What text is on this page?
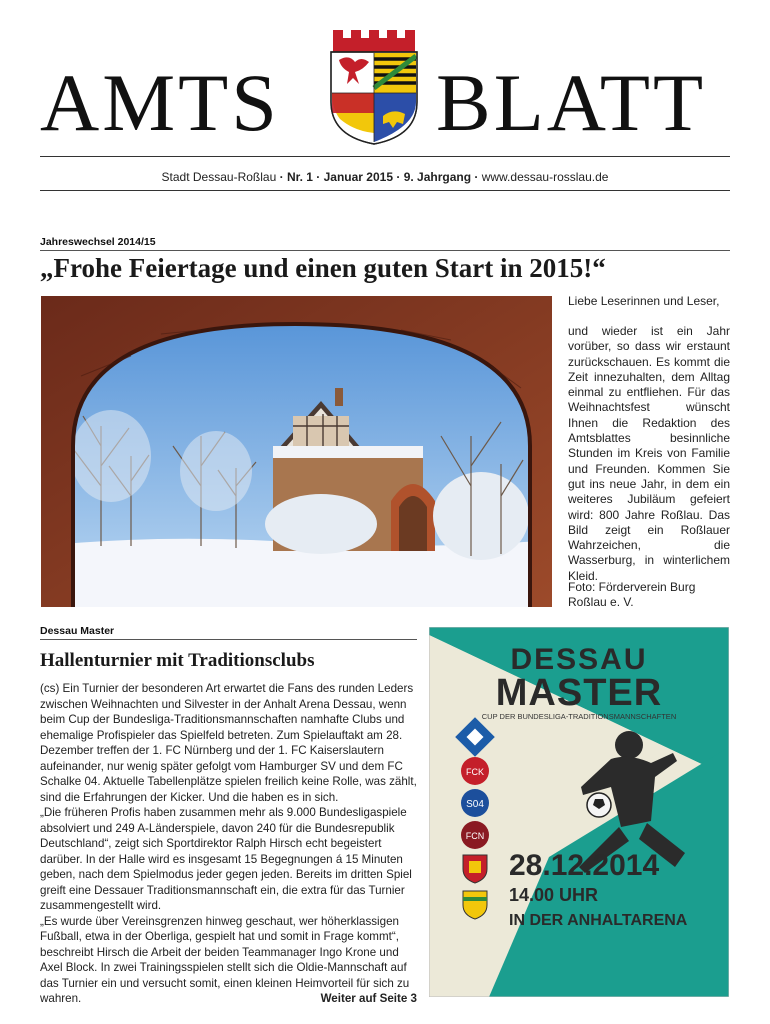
AMTS BLATT
Stadt Dessau-Roßlau · Nr. 1 · Januar 2015 · 9. Jahrgang · www.dessau-rosslau.de
Jahreswechsel 2014/15
„Frohe Feiertage und einen guten Start in 2015!“

Liebe Leserinnen und Leser,

und wieder ist ein Jahr vorüber, so dass wir erstaunt zurückschauen. Es kommt die Zeit innezuhalten, dem Alltag einmal zu entfliehen. Für das Weihnachtsfest wünscht Ihnen die Redaktion des Amtsblattes besinnliche Stunden im Kreis von Familie und Freunden. Kommen Sie gut ins neue Jahr, in dem ein weiteres Jubiläum gefeiert wird: 800 Jahre Roßlau. Das Bild zeigt ein Roßlauer Wahrzeichen, die Wasserburg, in winterlichem Kleid.

Foto: Förderverein Burg Roßlau e. V.

Dessau Master
Hallenturnier mit Traditionsclubs

(cs) Ein Turnier der besonderen Art erwartet die Fans des runden Leders zwischen Weihnachten und Silvester in der Anhalt Arena Dessau, wenn beim Cup der Bundesliga-Traditionsmannschaften namhafte Clubs und ehemalige Profispieler das Spielfeld betreten. Zum Spielauftakt am 28. Dezember treffen der 1. FC Nürnberg und der 1. FC Kaiserslautern aufeinander, nur wenig später gefolgt vom Hamburger SV und dem FC Schalke 04. Aktuelle Tabellenplätze spielen freilich keine Rolle, was zählt, sind die Erfahrungen der Kicker. Und die haben es in sich.

„Die früheren Profis haben zusammen mehr als 9.000 Bundesligaspiele absolviert und 249 A-Länderspiele, davon 240 für die Bundesrepublik Deutschland“, zeigt sich Sportdirektor Ralph Hirsch echt begeistert darüber. In der Halle wird es insgesamt 15 Begegnungen á 15 Minuten geben, nach dem Spielmodus jeder gegen jeden. Bereits im dritten Spiel greift eine Dessauer Traditionsmannschaft ein, die extra für das Turnier zusammengestellt wird.

„Es wurde über Vereinsgrenzen hinweg geschaut, wer höherklassigen Fußball, etwa in der Oberliga, gespielt hat und somit in Frage kommt“, beschreibt Hirsch die Arbeit der beiden Teammanager Ingo Krone und Axel Block. In zwei Trainingsspielen stellt sich die Oldie-Mannschaft auf das Turnier ein und versucht somit, einen kleinen Heimvorteil für sich zu wahren.	Weiter auf Seite 3

DESSAU
MASTER
CUP DER BUNDESLIGA-TRADITIONSMANNSCHAFTEN
FCK
S04
FCN
28.12.2014
14.00 UHR
IN DER ANHALTARENA
